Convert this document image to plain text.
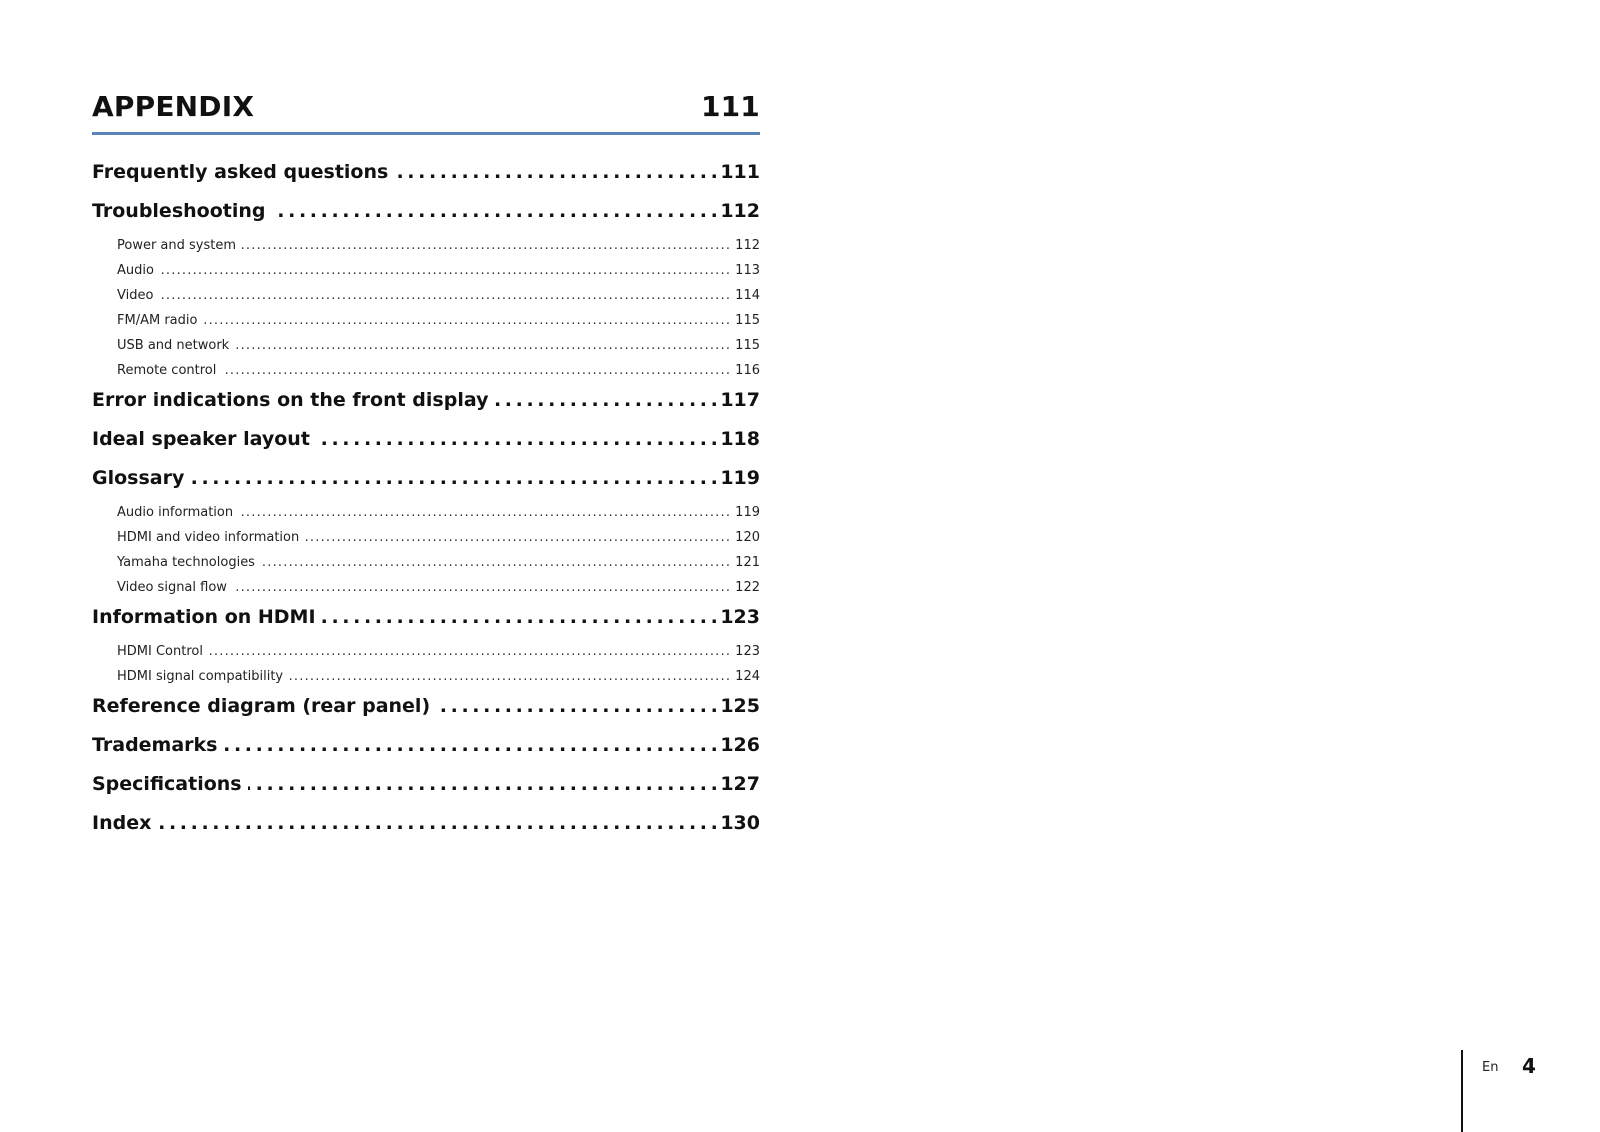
APPENDIX	111
Frequently asked questions . . .	111
Troubleshooting . . .	112
Power and system .....	112
Audio .....	113
Video .....	114
FM/AM radio .....	115
USB and network .....	115
Remote control .....	116
Error indications on the front display . . .	117
Ideal speaker layout . . .	118
Glossary . . .	119
Audio information .....	119
HDMI and video information .....	120
Yamaha technologies .....	121
Video signal flow .....	122
Information on HDMI . . .	123
HDMI Control .....	123
HDMI signal compatibility .....	124
Reference diagram (rear panel) . . .	125
Trademarks . . .	126
Specifications . . .	127
Index . . .	130
En 4
